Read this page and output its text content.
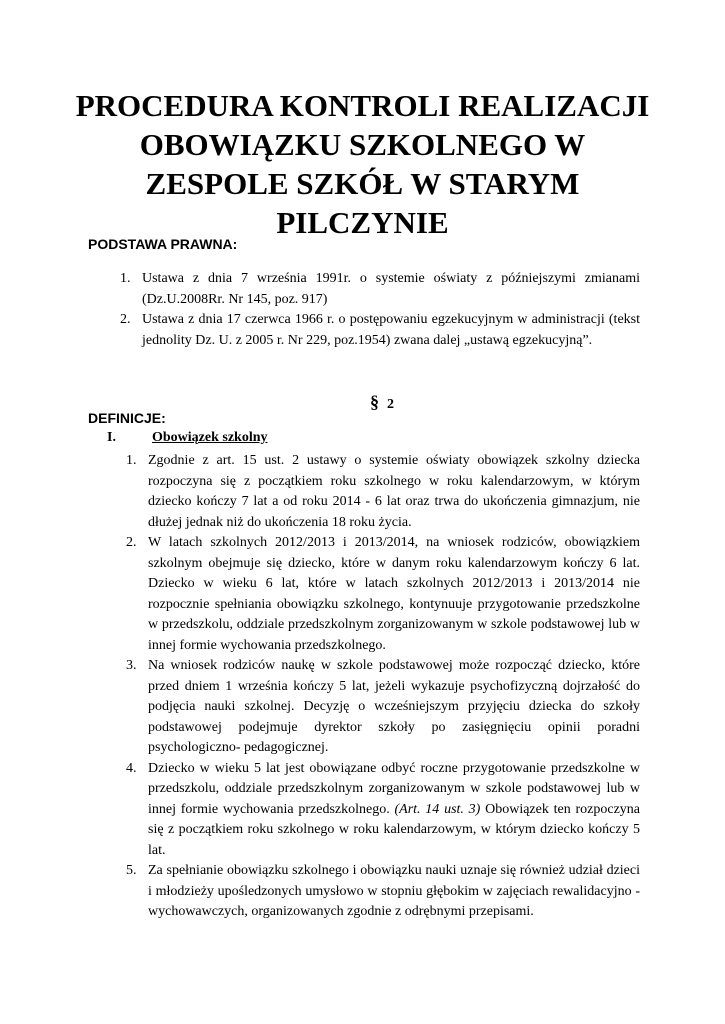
PROCEDURA KONTROLI REALIZACJI
OBOWIĄZKU SZKOLNEGO W
ZESPOLE SZKÓŁ W STARYM
PILCZYNIE

PODSTAWA PRAWNA:

1. Ustawa z dnia 7 września 1991r. o systemie oświaty z późniejszymi zmianami (Dz.U.2008Rr. Nr 145, poz. 917)
2. Ustawa z dnia 17 czerwca 1966 r. o postępowaniu egzekucyjnym w administracji (tekst jednolity Dz. U. z 2005 r. Nr 229, poz.1954) zwana dalej „ustawą egzekucyjną”.

§ 2

DEFINICJE:

I.	Obowiązek szkolny

1. Zgodnie z art. 15 ust. 2 ustawy o systemie oświaty obowiązek szkolny dziecka rozpoczyna się z początkiem roku szkolnego w roku kalendarzowym, w którym dziecko kończy 7 lat a od roku 2014 - 6 lat oraz trwa do ukończenia gimnazjum, nie dłużej jednak niż do ukończenia 18 roku życia.
2. W latach szkolnych 2012/2013 i 2013/2014, na wniosek rodziców, obowiązkiem szkolnym obejmuje się dziecko, które w danym roku kalendarzowym kończy 6 lat. Dziecko w wieku 6 lat, które w latach szkolnych 2012/2013 i 2013/2014 nie rozpocznie spełniania obowiązku szkolnego, kontynuuje przygotowanie przedszkolne w przedszkolu, oddziale przedszkolnym zorganizowanym w szkole podstawowej lub w innej formie wychowania przedszkolnego.
3. Na wniosek rodziców naukę w szkole podstawowej może rozpocząć dziecko, które przed dniem 1 września kończy 5 lat, jeżeli wykazuje psychofizyczną dojrzałość do podjęcia nauki szkolnej. Decyzję o wcześniejszym przyjęciu dziecka do szkoły podstawowej podejmuje dyrektor szkoły po zasięgnięciu opinii poradni psychologiczno- pedagogicznej.
4. Dziecko w wieku 5 lat jest obowiązane odbyć roczne przygotowanie przedszkolne w przedszkolu, oddziale przedszkolnym zorganizowanym w szkole podstawowej lub w innej formie wychowania przedszkolnego. (Art. 14 ust. 3) Obowiązek ten rozpoczyna się z początkiem roku szkolnego w roku kalendarzowym, w którym dziecko kończy 5 lat.
5. Za spełnianie obowiązku szkolnego i obowiązku nauki uznaje się również udział dzieci i młodzieży upośledzonych umysłowo w stopniu głębokim w zajęciach rewalidacyjno - wychowawczych, organizowanych zgodnie z odrębnymi przepisami.
